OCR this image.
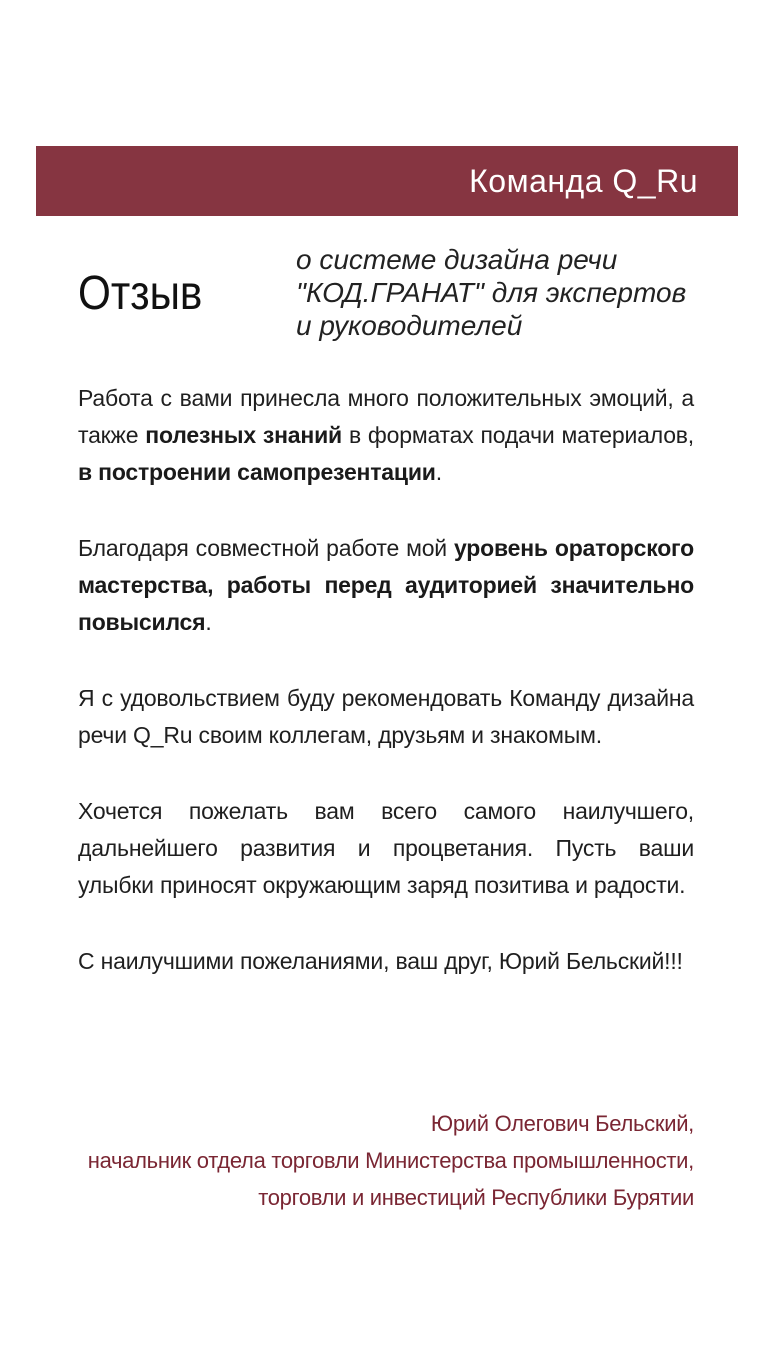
Команда Q_Ru
Отзыв
о системе дизайна речи
"КОД.ГРАНАТ" для экспертов
и руководителей

Работа с вами принесла много положительных эмоций, а также полезных знаний в форматах подачи материалов, в построении самопрезентации.

Благодаря совместной работе мой уровень ораторского мастерства, работы перед аудиторией значительно повысился.

Я с удовольствием буду рекомендовать Команду дизайна речи Q_Ru своим коллегам, друзьям и знакомым.

Хочется пожелать вам всего самого наилучшего, дальнейшего развития и процветания. Пусть ваши улыбки приносят окружающим заряд позитива и радости.

С наилучшими пожеланиями, ваш друг, Юрий Бельский!!!

Юрий Олегович Бельский,
начальник отдела торговли Министерства промышленности,
торговли и инвестиций Республики Бурятии
